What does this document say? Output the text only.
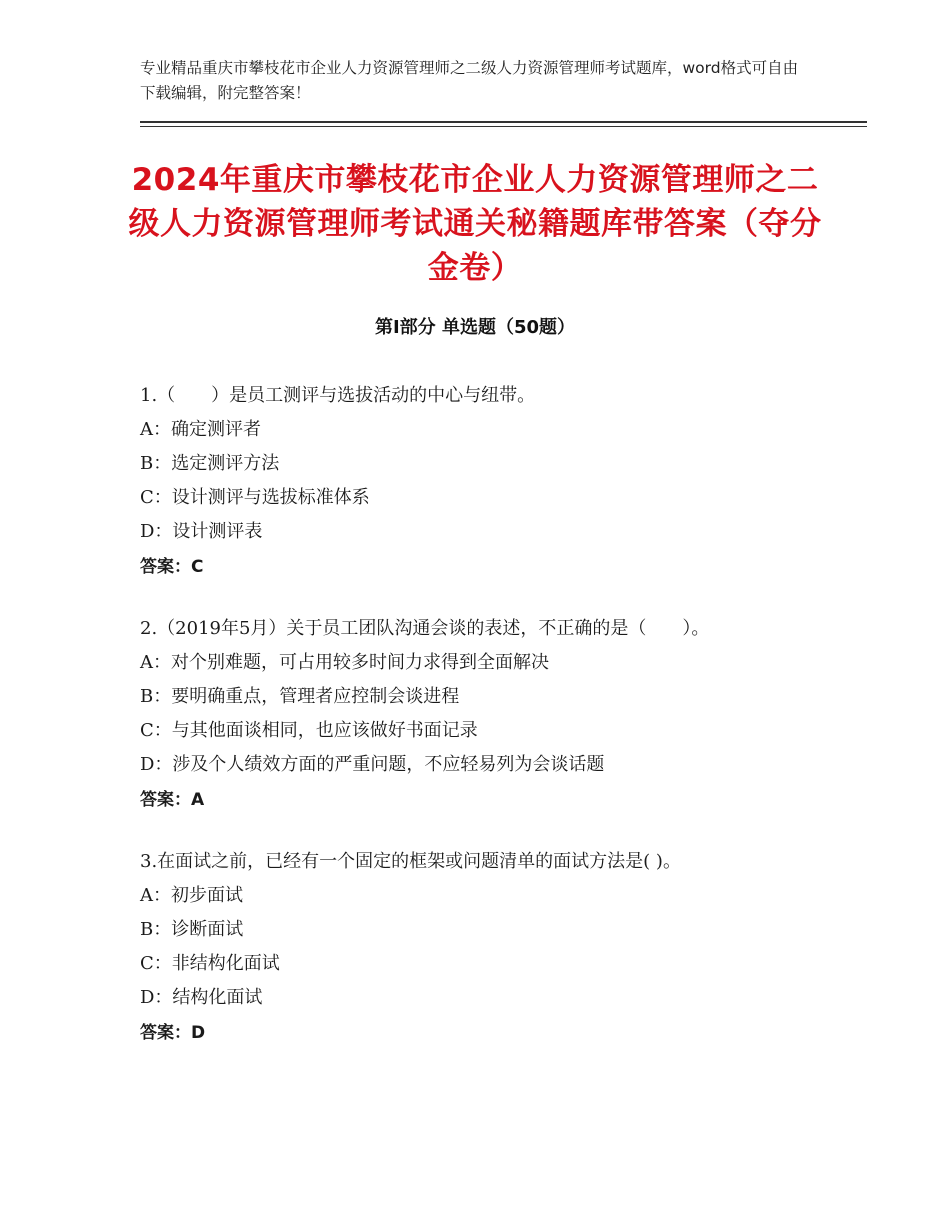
专业精品重庆市攀枝花市企业人力资源管理师之二级人力资源管理师考试题库，word格式可自由下载编辑，附完整答案！
2024年重庆市攀枝花市企业人力资源管理师之二级人力资源管理师考试通关秘籍题库带答案（夺分金卷）
第Ⅰ部分 单选题（50题）
1.（　　）是员工测评与选拔活动的中心与纽带。
A：确定测评者
B：选定测评方法
C：设计测评与选拔标准体系
D：设计测评表
答案：C
2.（2019年5月）关于员工团队沟通会谈的表述，不正确的是（　　）。
A：对个别难题，可占用较多时间力求得到全面解决
B：要明确重点，管理者应控制会谈进程
C：与其他面谈相同，也应该做好书面记录
D：涉及个人绩效方面的严重问题，不应轻易列为会谈话题
答案：A
3.在面试之前，已经有一个固定的框架或问题清单的面试方法是( )。
A：初步面试
B：诊断面试
C：非结构化面试
D：结构化面试
答案：D
